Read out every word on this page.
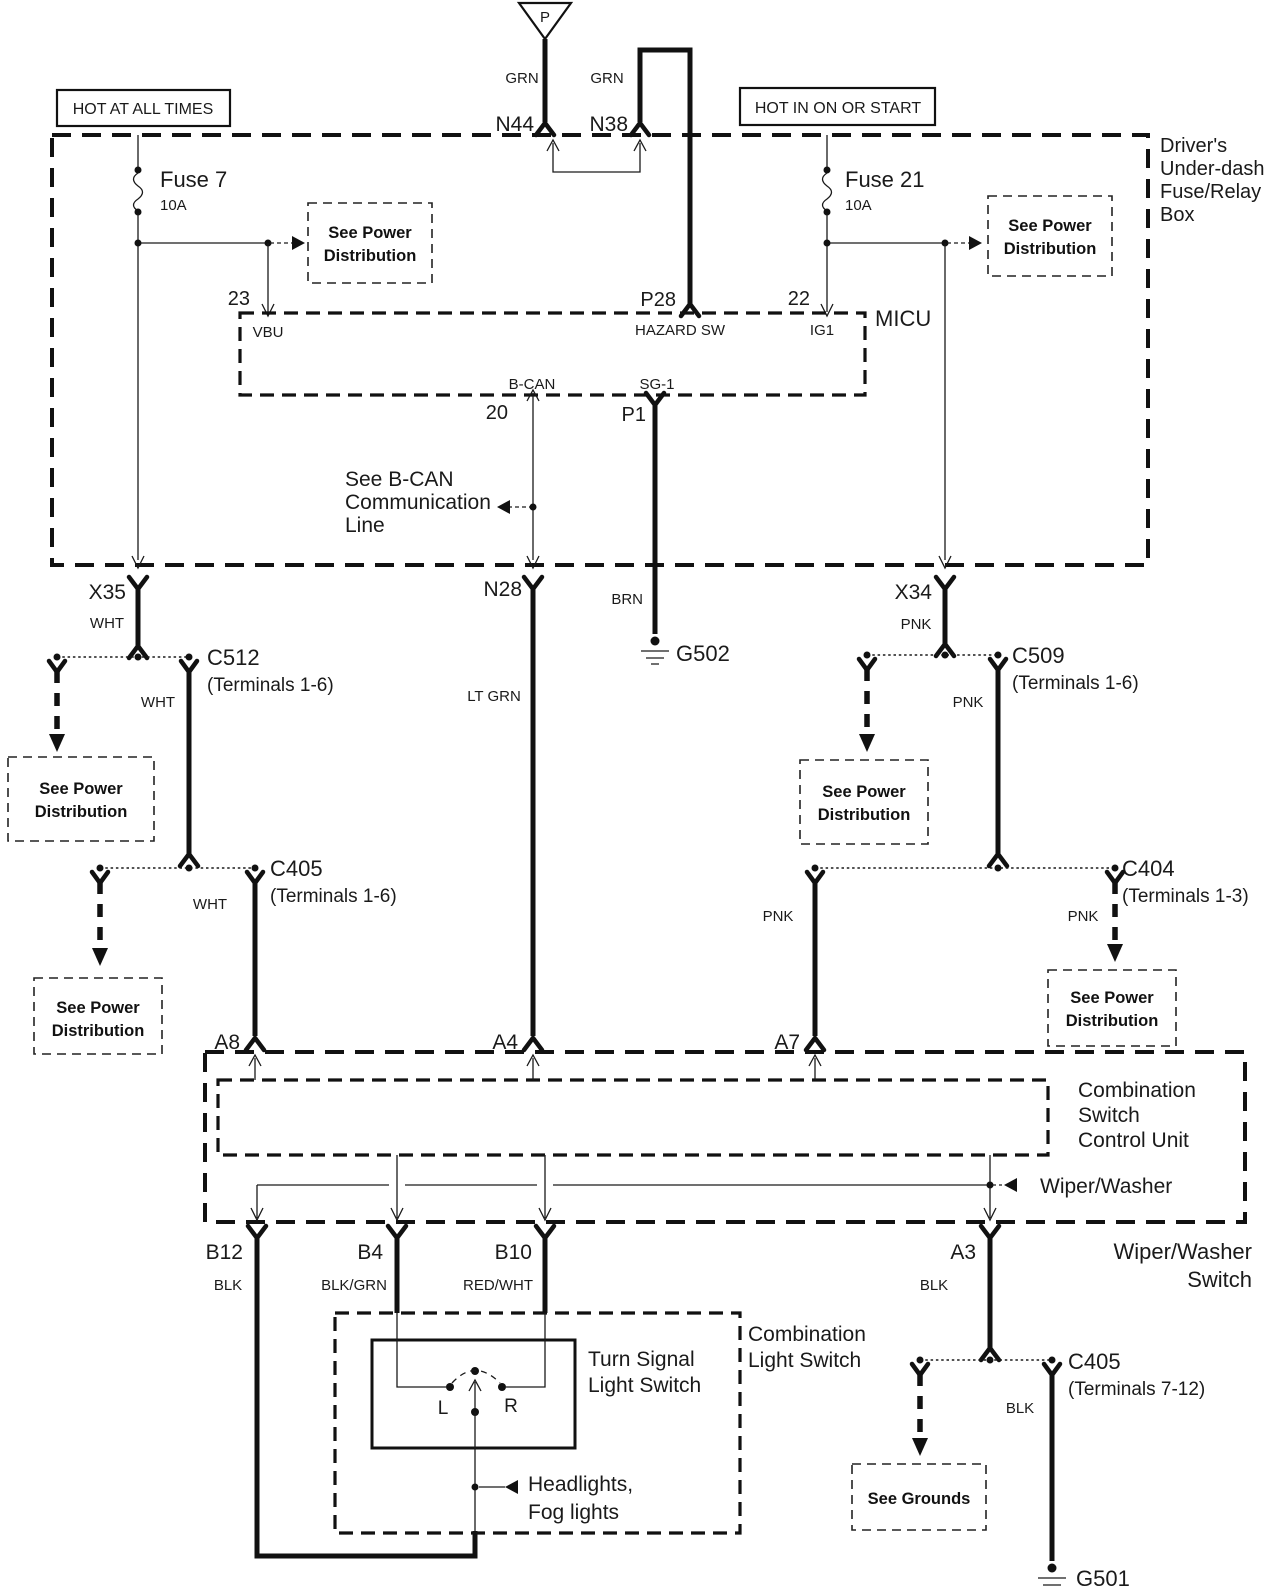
P
GRN	GRN
N44	N38
HOT AT ALL TIMES	HOT IN ON OR START
Driver's
Under-dash
Fuse/Relay
Box
Fuse 7
10A
23
See Power
Distribution
Fuse 21
10A
22
See Power
Distribution
MICU
VBU	HAZARD SW	IG1
P28
B-CAN	SG-1
20	P1
See B-CAN
Communication
Line
BRN
G502
X35
WHT
C512
(Terminals 1-6)
WHT
See Power
Distribution
C405
(Terminals 1-6)
WHT
A8
See Power
Distribution
N28
LT GRN
A4
X34
PNK
C509
(Terminals 1-6)
PNK
See Power
Distribution
C404
(Terminals 1-3)
PNK
A7
PNK
See Power
Distribution
Combination
Switch
Control Unit
Wiper/Washer
Wiper/Washer
Switch
B12	B4	B10	A3
BLK	BLK/GRN	RED/WHT	BLK
Combination
Light Switch
Turn Signal
Light Switch
L	R
Headlights,
Fog lights
C405
(Terminals 7-12)
BLK
G501
See Grounds
